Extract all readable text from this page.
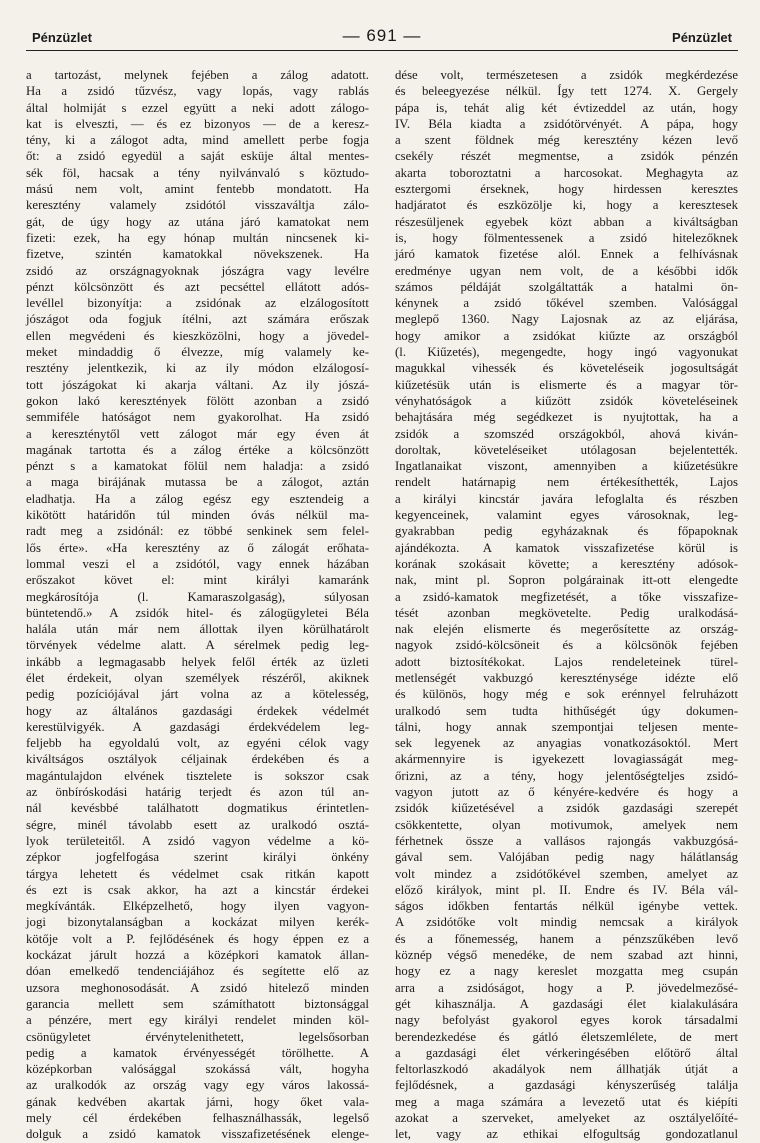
Pénzüzlet	— 691 —	Pénzüzlet

a tartozást, melynek fejében a zálog adatott.

Ha a zsidó tűzvész, vagy lopás, vagy rablás

által holmiját s ezzel együtt a neki adott zálogo-

kat is elveszti, — és ez bizonyos — de a keresz-

tény, ki a zálogot adta, mind amellett perbe fogja

őt: a zsidó egyedül a saját esküje által mentes-

sék föl, hacsak a tény nyilvánvaló s köztudo-

mású nem volt, amint fentebb mondatott. Ha

keresztény valamely zsidótól visszaváltja zálo-

gát, de úgy hogy az utána járó kamatokat nem

fizeti: ezek, ha egy hónap multán nincsenek ki-

fizetve, szintén kamatokkal növekszenek. Ha

zsidó az országnagyoknak jószágra vagy levélre

pénzt kölcsönzött és azt pecséttel ellátott adós-

levéllel bizonyítja: a zsidónak az elzálogosított

jószágot oda fogjuk ítélni, azt számára erőszak

ellen megvédeni és kieszközölni, hogy a jövedel-

meket mindaddig ő élvezze, míg valamely ke-

resztény jelentkezik, ki az ily módon elzálogosí-

tott jószágokat ki akarja váltani. Az ily jószá-

gokon lakó keresztények fölött azonban a zsidó

semmiféle hatóságot nem gyakorolhat. Ha zsidó

a kereszténytől vett zálogot már egy éven át

magának tartotta és a zálog értéke a kölcsönzött

pénzt s a kamatokat fölül nem haladja: a zsidó

a maga birájának mutassa be a zálogot, aztán

eladhatja. Ha a zálog egész egy esztendeig a

kikötött határidőn túl minden óvás nélkül ma-

radt meg a zsidónál: ez többé senkinek sem felel-

lős érte». «Ha keresztény az ő zálogát erőhata-

lommal veszi el a zsidótól, vagy ennek házában

erőszakot követ el: mint királyi kamaránk

megkárosítója (l. Kamaraszolgaság), súlyosan

büntetendő.» A zsidók hitel- és zálogügyletei Béla

halála után már nem állottak ilyen körülhatárolt

törvények védelme alatt. A sérelmek pedig leg-

inkább a legmagasabb helyek felől érték az üzleti

élet érdekeit, olyan személyek részéről, akiknek

pedig pozíciójával járt volna az a kötelesség,

hogy az általános gazdasági érdekek védelmét

kerestülvigyék. A gazdasági érdekvédelem leg-

feljebb ha egyoldalú volt, az egyéni célok vagy

kiváltságos osztályok céljainak érdekében és a

magántulajdon elvének tisztelete is sokszor csak

az önbíróskodási határig terjedt és azon túl an-

nál kevésbbé találhatott dogmatikus érintetlen-

ségre, minél távolabb esett az uralkodó osztá-

lyok területeitől. A zsidó vagyon védelme a kö-

zépkor jogfelfogása szerint királyi önkény

tárgya lehetett és védelmet csak ritkán kapott

és ezt is csak akkor, ha azt a kincstár érdekei

megkívánták. Elképzelhető, hogy ilyen vagyon-

jogi bizonytalanságban a kockázat milyen kerék-

kötője volt a P. fejlődésének és hogy éppen ez a

kockázat járult hozzá a középkori kamatok állan-

dóan emelkedő tendenciájához és segítette elő az

uzsora meghonosodását. A zsidó hitelező minden

garancia mellett sem számíthatott biztonsággal

a pénzére, mert egy királyi rendelet minden köl-

csönügyletet érvénytelenithetett, legelsősorban

pedig a kamatok érvényességét törölhette. A

középkorban valósággal szokássá vált, hogyha

az uralkodók az ország vagy egy város lakossá-

gának kedvében akartak járni, hogy őket vala-

mely cél érdekében felhasználhassák, legelső

dolguk a zsidó kamatok visszafizetésének elenge-

dése volt, természetesen a zsidók megkérdezése

és beleegyezése nélkül. Így tett 1274. X. Gergely

pápa is, tehát alig két évtizeddel az után, hogy

IV. Béla kiadta a zsidótörvényét. A pápa, hogy

a szent földnek még keresztény kézen levő

csekély részét megmentse, a zsidók pénzén

akarta toboroztatni a harcosokat. Meghagyta az

esztergomi érseknek, hogy hirdessen keresztes

hadjáratot és eszközölje ki, hogy a keresztesek

részesüljenek egyebek közt abban a kiváltságban

is, hogy fölmentessenek a zsidó hitelezőknek

járó kamatok fizetése alól. Ennek a felhívásnak

eredménye ugyan nem volt, de a későbbi idők

számos példáját szolgáltatták a hatalmi ön-

kénynek a zsidó tőkével szemben. Valósággal

meglepő 1360. Nagy Lajosnak az az eljárása,

hogy amikor a zsidókat kiűzte az országból

(l. Kiűzetés), megengedte, hogy ingó vagyonukat

magukkal vihessék és követeléseik jogosultságát

kiűzetésük után is elismerte és a magyar tör-

vényhatóságok a kiűzött zsidók követeléseinek

behajtására még segédkezet is nyujtottak, ha a

zsidók a szomszéd országokból, ahová kiván-

doroltak, követeléseiket utólagosan bejelentették.

Ingatlanaikat viszont, amennyiben a kiűzetésükre

rendelt határnapig nem értékesíthették, Lajos

a királyi kincstár javára lefoglalta és részben

kegyenceinek, valamint egyes városoknak, leg-

gyakrabban pedig egyházaknak és főpapoknak

ajándékozta. A kamatok visszafizetése körül is

korának szokásait követte; a keresztény adósok-

nak, mint pl. Sopron polgárainak itt-ott elengedte

a zsidó-kamatok megfizetését, a tőke visszafize-

tését azonban megkövetelte. Pedig uralkodásá-

nak elején elismerte és megerősítette az ország-

nagyok zsidó-kölcsöneit és a kölcsönök fejében

adott biztosítékokat. Lajos rendeleteinek türel-

metlenségét vakbuzgó kereszténysége idézte elő

és különös, hogy még e sok erénnyel felruházott

uralkodó sem tudta hithűségét úgy dokumen-

tálni, hogy annak szempontjai teljesen mente-

sek legyenek az anyagias vonatkozásoktól. Mert

akármennyire is igyekezett lovagiasságát meg-

őrizni, az a tény, hogy jelentőségteljes zsidó-

vagyon jutott az ő kényére-kedvére és hogy a

zsidók kiűzetésével a zsidók gazdasági szerepét

csökkentette, olyan motivumok, amelyek nem

férhetnek össze a vallásos rajongás vakbuzgósá-

gával sem. Valójában pedig nagy hálátlanság

volt mindez a zsidótőkével szemben, amelyet az

előző királyok, mint pl. II. Endre és IV. Béla vál-

ságos időkben fentartás nélkül igénybe vettek.

A zsidótőke volt mindig nemcsak a királyok

és a főnemesség, hanem a pénzszűkében levő

köznép végső menedéke, de nem szabad azt hinni,

hogy ez a nagy kereslet mozgatta meg csupán

arra a zsidóságot, hogy a P. jövedelmezősé-

gét kihasználja. A gazdasági élet kialakulására

nagy befolyást gyakorol egyes korok társadalmi

berendezkedése és gátló életszemlélete, de mert

a gazdasági élet vérkeringésében előtörő által

feltorlaszkodó akadályok nem állhatják útját a

fejlődésnek, a gazdasági kényszerűség találja

meg a maga számára a levezető utat és kiépíti

azokat a szerveket, amelyeket az osztályelőíté-

let, vagy az ethikai elfogultság gondozatlanul
